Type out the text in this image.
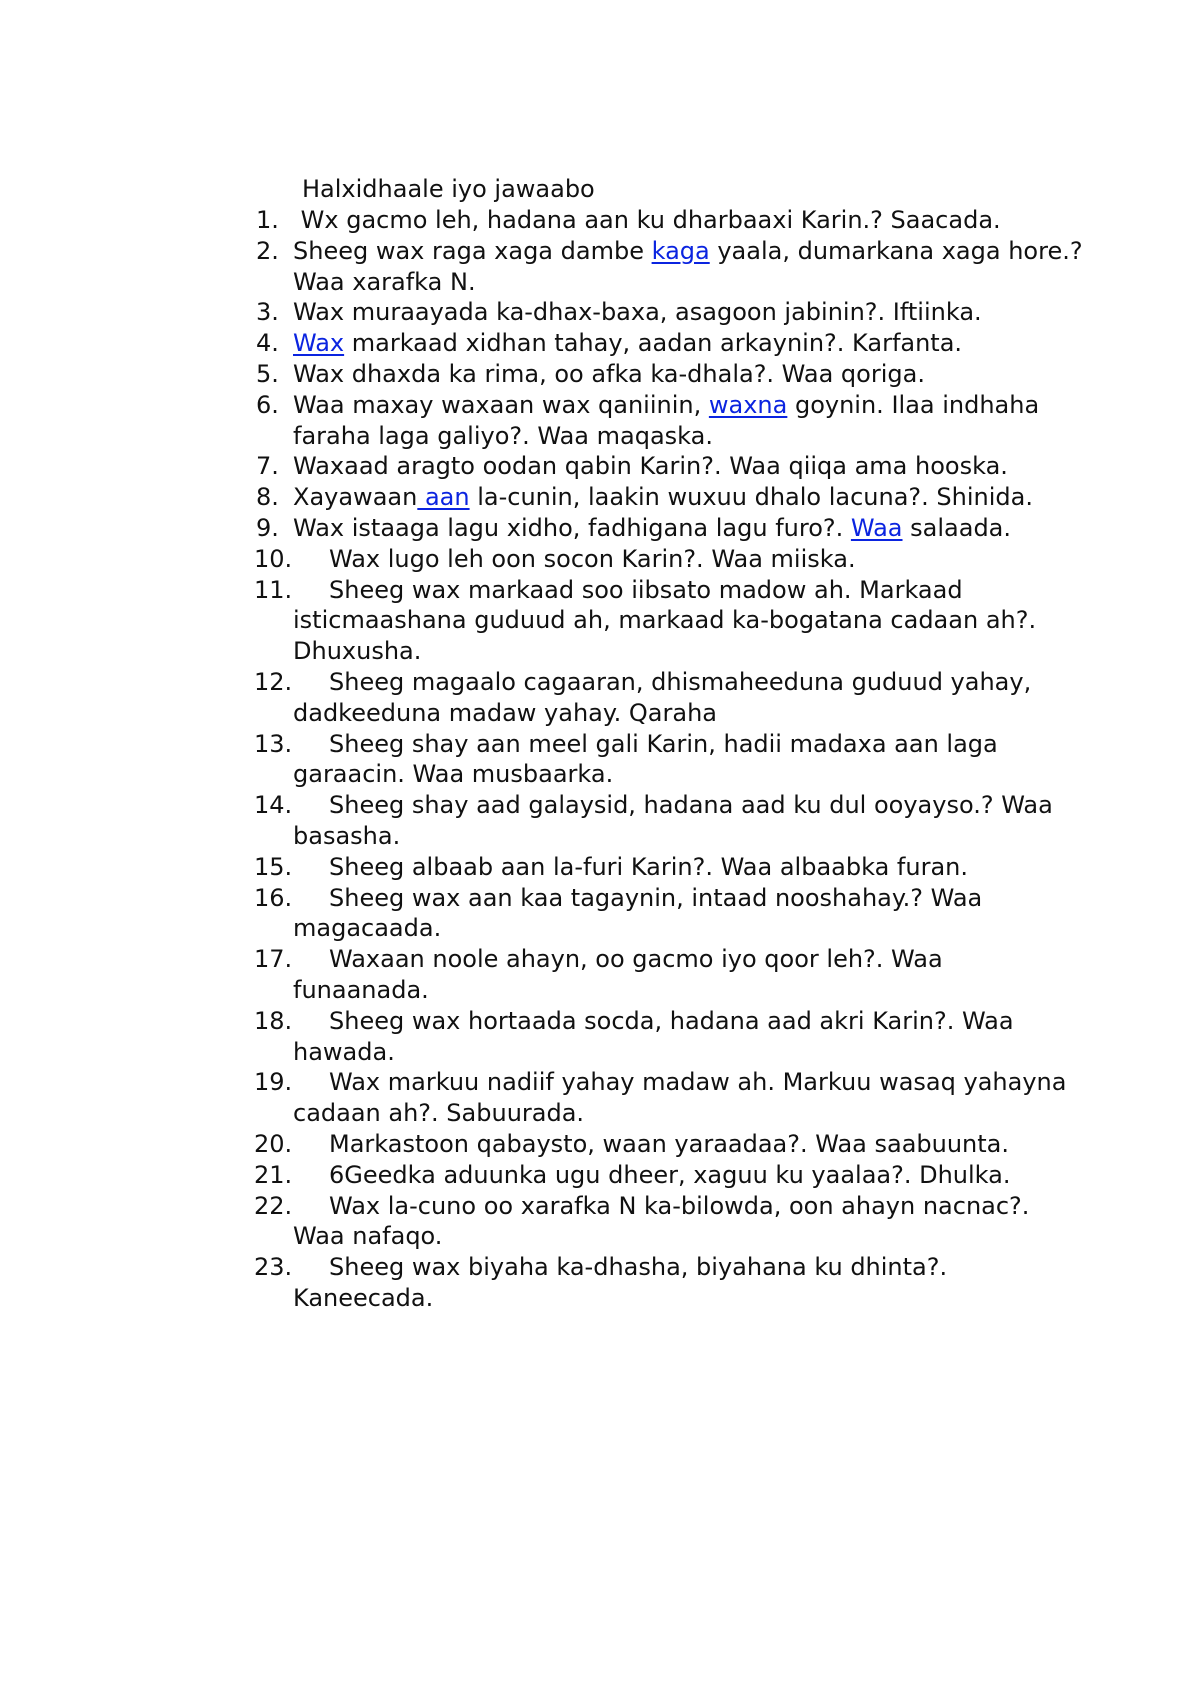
Halxidhaale iyo jawaabo
1. Wx gacmo leh, hadana aan ku dharbaaxi Karin.? Saacada.
2. Sheeg wax raga xaga dambe kaga yaala, dumarkana xaga hore.? Waa xarafka N.
3. Wax muraayada ka-dhax-baxa, asagoon jabinin?. Iftiinka.
4. Wax markaad xidhan tahay, aadan arkaynin?. Karfanta.
5. Wax dhaxda ka rima, oo afka ka-dhala?. Waa qoriga.
6. Waa maxay waxaan wax qaniinin, waxna goynin. Ilaa indhaha faraha laga galiyo?. Waa maqaska.
7. Waxaad aragto oodan qabin Karin?. Waa qiiqa ama hooska.
8. Xayawaan aan la-cunin, laakin wuxuu dhalo lacuna?. Shinida.
9. Wax istaaga lagu xidho, fadhigana lagu furo?. Waa salaada.
10. Wax lugo leh oon socon Karin?. Waa miiska.
11. Sheeg wax markaad soo iibsato madow ah. Markaad isticmaashana guduud ah, markaad ka-bogatana cadaan ah?. Dhuxusha.
12. Sheeg magaalo cagaaran, dhismaheeduna guduud yahay, dadkeeduna madaw yahay. Qaraha
13. Sheeg shay aan meel gali Karin, hadii madaxa aan laga garaacin. Waa musbaarka.
14. Sheeg shay aad galaysid, hadana aad ku dul ooyayso.? Waa basasha.
15. Sheeg albaab aan la-furi Karin?. Waa albaabka furan.
16. Sheeg wax aan kaa tagaynin, intaad nooshahay.? Waa magacaada.
17. Waxaan noole ahayn, oo gacmo iyo qoor leh?. Waa funaanada.
18. Sheeg wax hortaada socda, hadana aad akri Karin?. Waa hawada.
19. Wax markuu nadiif yahay madaw ah. Markuu wasaq yahayna cadaan ah?. Sabuurada.
20. Markastoon qabaysto, waan yaraadaa?. Waa saabuunta.
21. 6Geedka aduunka ugu dheer, xaguu ku yaalaa?. Dhulka.
22. Wax la-cuno oo xarafka N ka-bilowda, oon ahayn nacnac?. Waa nafaqo.
23. Sheeg wax biyaha ka-dhasha, biyahana ku dhinta?. Kaneecada.
